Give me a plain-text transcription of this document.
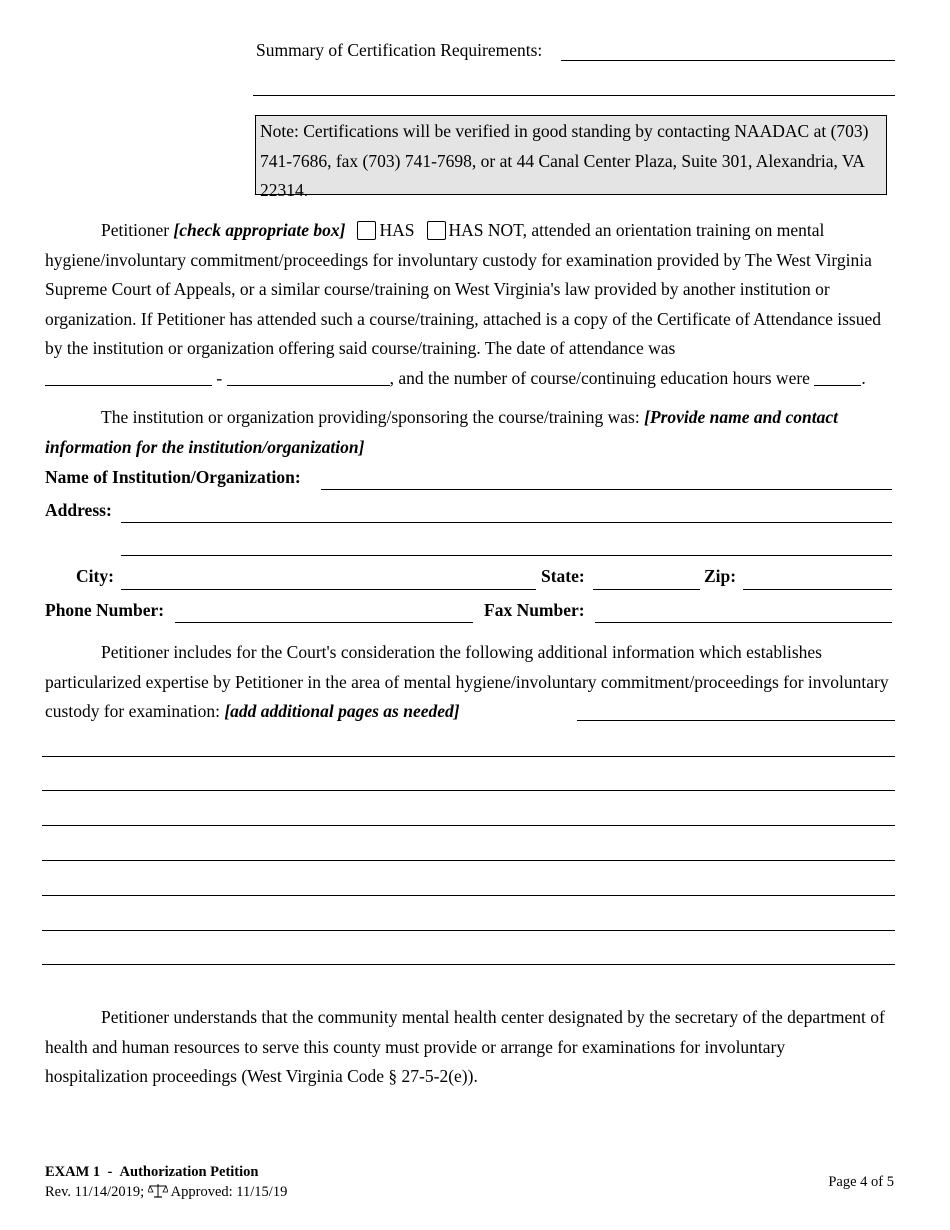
Summary of Certification Requirements:
Note: Certifications will be verified in good standing by contacting NAADAC at (703) 741-7686, fax (703) 741-7698, or at 44 Canal Center Plaza, Suite 301, Alexandria, VA 22314.
Petitioner [check appropriate box] HAS HAS NOT, attended an orientation training on mental hygiene/involuntary commitment/proceedings for involuntary custody for examination provided by The West Virginia Supreme Court of Appeals, or a similar course/training on West Virginia's law provided by another institution or organization. If Petitioner has attended such a course/training, attached is a copy of the Certificate of Attendance issued by the institution or organization offering said course/training. The date of attendance was
-	, and the number of course/continuing education hours were	.
The institution or organization providing/sponsoring the course/training was: [Provide name and contact information for the institution/organization]
Name of Institution/Organization:
Address:
City:	State:	Zip:
Phone Number:	Fax Number:
Petitioner includes for the Court's consideration the following additional information which establishes particularized expertise by Petitioner in the area of mental hygiene/involuntary commitment/proceedings for involuntary custody for examination: [add additional pages as needed]
Petitioner understands that the community mental health center designated by the secretary of the department of health and human resources to serve this county must provide or arrange for examinations for involuntary hospitalization proceedings (West Virginia Code § 27-5-2(e)).
EXAM 1 - Authorization Petition
Rev. 11/14/2019; Approved: 11/15/19
Page 4 of 5
